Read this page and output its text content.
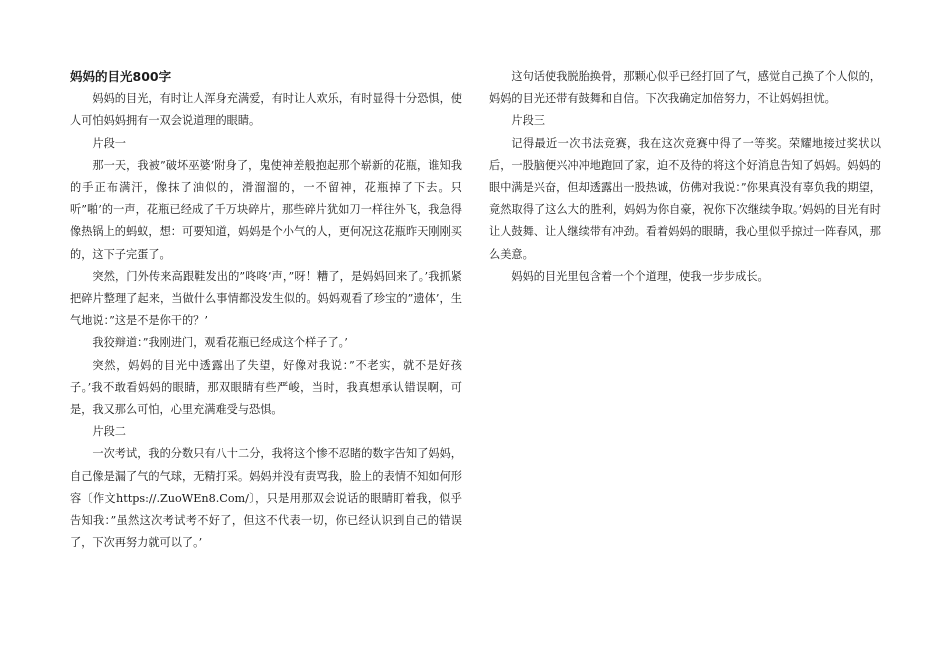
妈妈的目光800字

妈妈的目光，有时让人浑身充满爱，有时让人欢乐，有时显得十分恐惧，使人可怕妈妈拥有一双会说道理的眼睛。

片段一

那一天，我被”破坏巫婆’附身了，鬼使神差般抱起那个崭新的花瓶，谁知我的手正布满汗，像抹了油似的，滑溜溜的，一不留神，花瓶掉了下去。只听”啪’的一声，花瓶已经成了千万块碎片，那些碎片犹如刀一样往外飞，我急得像热锅上的蚂蚁，想：可要知道，妈妈是个小气的人，更何况这花瓶昨天刚刚买的，这下子完蛋了。

突然，门外传来高跟鞋发出的”咚咚’声，”呀！糟了，是妈妈回来了。’我抓紧把碎片整理了起来，当做什么事情都没发生似的。妈妈观看了珍宝的”遗体’，生气地说：”这是不是你干的？’

我狡辩道：”我刚进门，观看花瓶已经成这个样子了。’

突然，妈妈的目光中透露出了失望，好像对我说：”不老实，就不是好孩子。’我不敢看妈妈的眼睛，那双眼睛有些严峻，当时，我真想承认错误啊，可是，我又那么可怕，心里充满难受与恐惧。

片段二

一次考试，我的分数只有八十二分，我将这个惨不忍睹的数字告知了妈妈，自己像是漏了气的气球，无精打采。妈妈并没有责骂我，脸上的表情不知如何形容〔作文https://.ZuoWEn8.Com/〕，只是用那双会说话的眼睛盯着我，似乎告知我：”虽然这次考试考不好了，但这不代表一切，你已经认识到自己的错误了，下次再努力就可以了。’

这句话使我脱胎换骨，那颗心似乎已经打回了气，感觉自己换了个人似的，妈妈的目光还带有鼓舞和自信。下次我确定加倍努力，不让妈妈担忧。

片段三

记得最近一次书法竞赛，我在这次竞赛中得了一等奖。荣耀地接过奖状以后，一股脑便兴冲冲地跑回了家，迫不及待的将这个好消息告知了妈妈。妈妈的眼中满是兴奋，但却透露出一股热诚，仿佛对我说：”你果真没有辜负我的期望，竟然取得了这么大的胜利，妈妈为你自豪，祝你下次继续争取。’妈妈的目光有时让人鼓舞、让人继续带有冲劲。看着妈妈的眼睛，我心里似乎掠过一阵春风，那么美意。

妈妈的目光里包含着一个个道理，使我一步步成长。
